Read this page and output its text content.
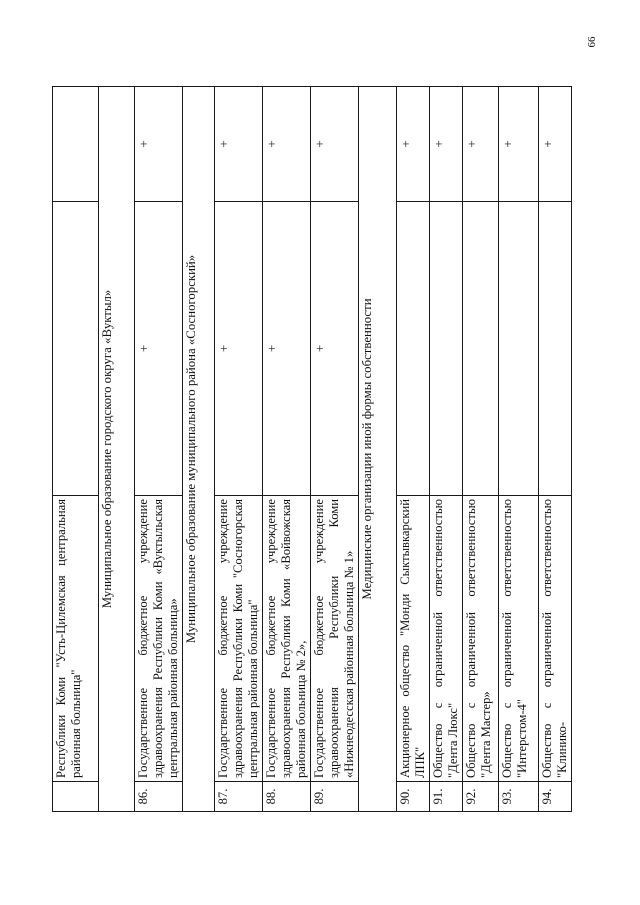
66
	Республики Коми "Усть-Цилемская центральная районная больница"		
Муниципальное образование городского округа «Вуктыл»			
86.	Государственное бюджетное учреждение здравоохранения Республики Коми «Вуктыльская центральная районная больница»	+	+
Муниципальное образование муниципального района «Сосногорский»			
87.	Государственное бюджетное учреждение здравоохранения Республики Коми "Сосногорская центральная районная больница"	+	+
88.	Государственное бюджетное учреждение здравоохранения Республики Коми «Войвожская районная больница № 2»,	+	+
89.	Государственное бюджетное учреждение здравоохранения Республики Коми «Нижнеодесская районная больница № 1»	+	+
Медицинские организации иной формы собственности			
90.	Акционерное общество "Монди Сыктывкарский ЛПК"		+
91.	Общество с ограниченной ответственностью "Дента Люкс"		+
92.	Общество с ограниченной ответственностью "Дента Мастер»		+
93.	Общество с ограниченной ответственностью "Интерстом-4"		+
94.	Общество с ограниченной ответственностью "Клинико-		+
